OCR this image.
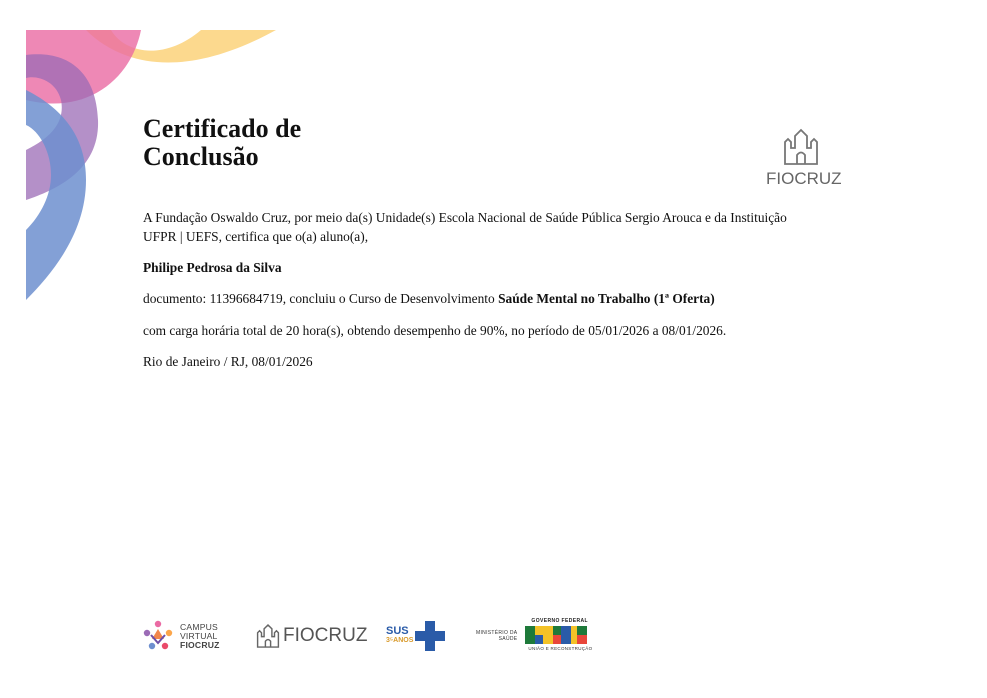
Certificado de
Conclusão
FIOCRUZ

A Fundação Oswaldo Cruz, por meio da(s) Unidade(s) Escola Nacional de Saúde Pública Sergio Arouca e da Instituição UFPR | UEFS, certifica que o(a) aluno(a),

Philipe Pedrosa da Silva

documento: 11396684719, concluiu o Curso de Desenvolvimento Saúde Mental no Trabalho (1ª Oferta)

com carga horária total de 20 hora(s), obtendo desempenho de 90%, no período de 05/01/2026 a 08/01/2026.

Rio de Janeiro / RJ, 08/01/2026

CAMPUS
VIRTUAL
FIOCRUZ	FIOCRUZ SUS
3⁵ANOS
MINISTÉRIO DA
SAÚDE
GOVERNO FEDERAL
UNIÃO E RECONSTRUÇÃO
